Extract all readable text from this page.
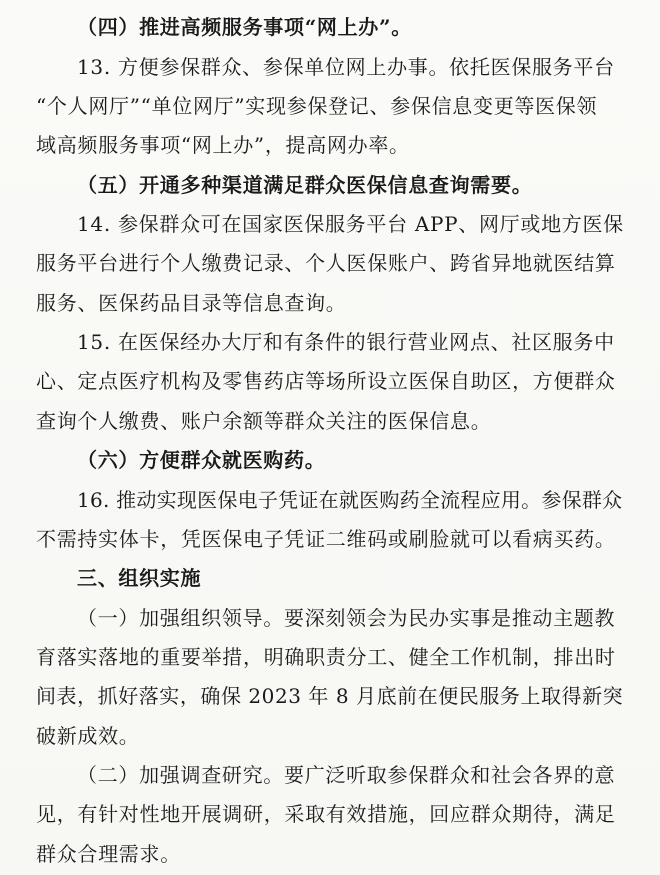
（四）推进高频服务事项“网上办”。
13. 方便参保群众、参保单位网上办事。依托医保服务平台
“个人网厅”“单位网厅”实现参保登记、参保信息变更等医保领
域高频服务事项“网上办”，提高网办率。
（五）开通多种渠道满足群众医保信息查询需要。
14. 参保群众可在国家医保服务平台 APP、网厅或地方医保
服务平台进行个人缴费记录、个人医保账户、跨省异地就医结算
服务、医保药品目录等信息查询。
15. 在医保经办大厅和有条件的银行营业网点、社区服务中
心、定点医疗机构及零售药店等场所设立医保自助区，方便群众
查询个人缴费、账户余额等群众关注的医保信息。
（六）方便群众就医购药。
16. 推动实现医保电子凭证在就医购药全流程应用。参保群众
不需持实体卡，凭医保电子凭证二维码或刷脸就可以看病买药。
三、组织实施
（一）加强组织领导。要深刻领会为民办实事是推动主题教
育落实落地的重要举措，明确职责分工、健全工作机制，排出时
间表，抓好落实，确保 2023 年 8 月底前在便民服务上取得新突
破新成效。
（二）加强调查研究。要广泛听取参保群众和社会各界的意
见，有针对性地开展调研，采取有效措施，回应群众期待，满足
群众合理需求。
